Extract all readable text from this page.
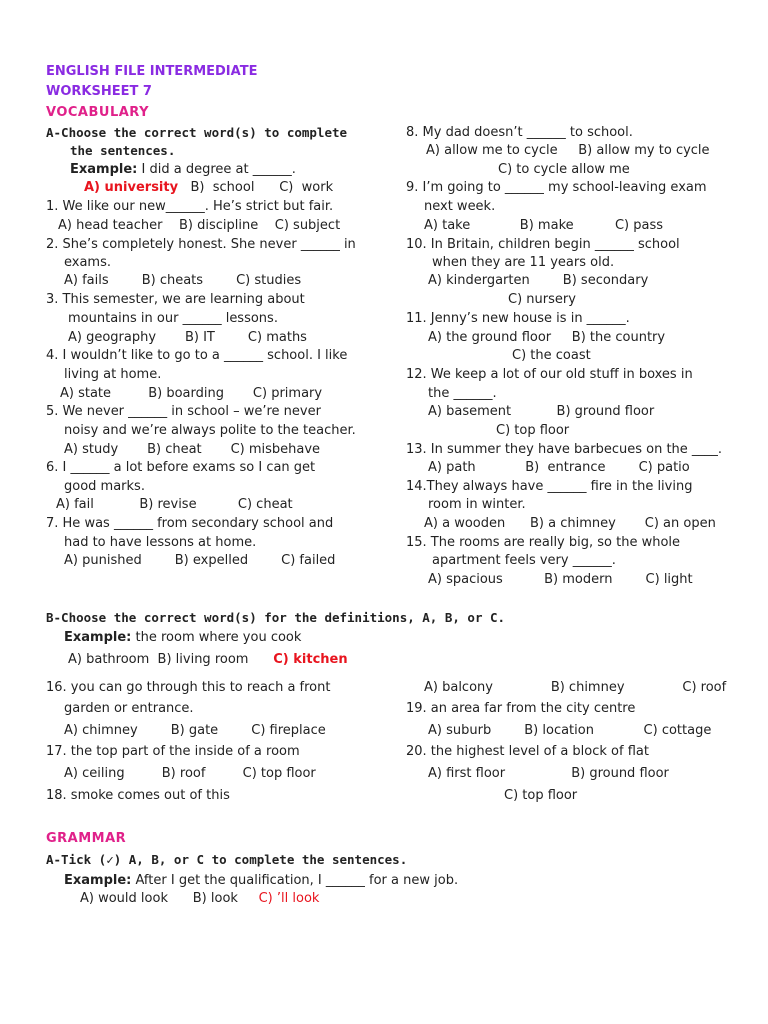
ENGLISH FILE INTERMEDIATE
WORKSHEET 7
VOCABULARY
A-Choose the correct word(s) to complete
the sentences.
Example: I did a degree at ______.
A) university B)  school      C)  work
1. We like our new______. He’s strict but fair.
A) head teacher    B) discipline    C) subject
2. She’s completely honest. She never ______ in
exams.
A) fails        B) cheats        C) studies
3. This semester, we are learning about
mountains in our ______ lessons.
A) geography       B) IT        C) maths
4. I wouldn’t like to go to a ______ school. I like
living at home.
A) state         B) boarding       C) primary
5. We never ______ in school – we’re never
noisy and we’re always polite to the teacher.
A) study       B) cheat       C) misbehave
6. I ______ a lot before exams so I can get
good marks.
A) fail           B) revise          C) cheat
7. He was ______ from secondary school and
had to have lessons at home.
A) punished        B) expelled        C) failed
8. My dad doesn’t ______ to school.
A) allow me to cycle     B) allow my to cycle
C) to cycle allow me
9. I’m going to ______ my school-leaving exam
next week.
A) take            B) make          C) pass
10. In Britain, children begin ______ school
when they are 11 years old.
A) kindergarten        B) secondary
C) nursery
11. Jenny’s new house is in ______.
A) the ground floor     B) the country
C) the coast
12. We keep a lot of our old stuff in boxes in
the ______.
A) basement           B) ground floor
C) top floor
13. In summer they have barbecues on the ____.
A) path            B)  entrance        C) patio
14.They always have ______ fire in the living
room in winter.
A) a wooden      B) a chimney       C) an open
15. The rooms are really big, so the whole
apartment feels very ______.
A) spacious          B) modern        C) light
B-Choose the correct word(s) for the definitions, A, B, or C.
Example: the room where you cook
A) bathroom  B) living room C) kitchen
16. you can go through this to reach a front
garden or entrance.
A) chimney        B) gate        C) fireplace
17. the top part of the inside of a room
A) ceiling         B) roof         C) top floor
18. smoke comes out of this
A) balcony              B) chimney              C) roof
19. an area far from the city centre
A) suburb        B) location            C) cottage
20. the highest level of a block of flat
A) first floor                B) ground floor
C) top floor
GRAMMAR
A-Tick (✓) A, B, or C to complete the sentences.
Example: After I get the qualification, I ______ for a new job.
A) would look      B) look C) ’ll look
